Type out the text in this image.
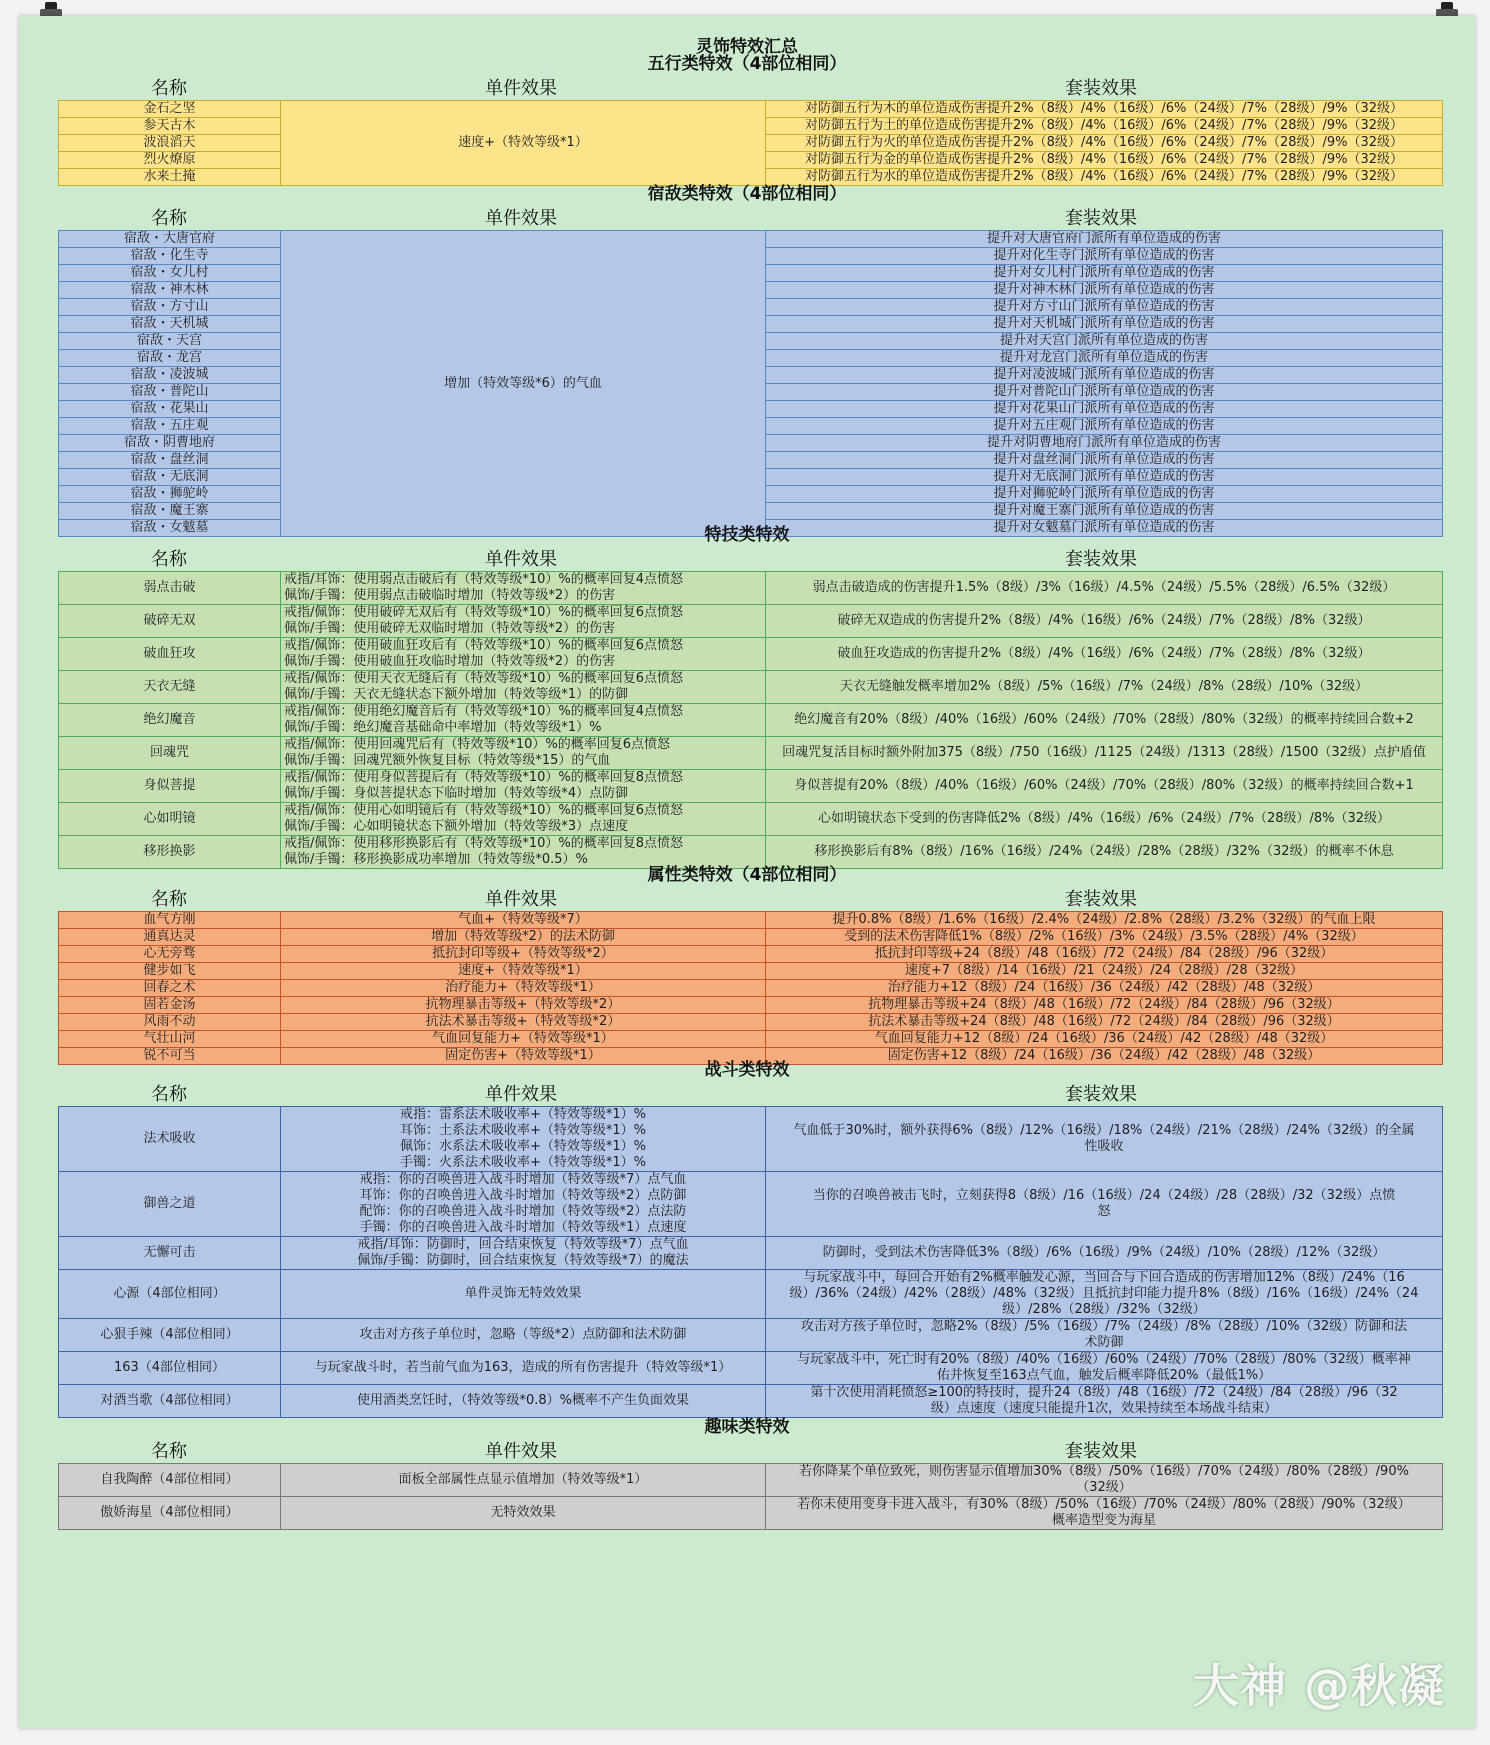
灵饰特效汇总
五行类特效（4部位相同）
名称	单件效果	套装效果
金石之坚	速度+（特效等级*1）	对防御五行为木的单位造成伤害提升2%（8级）/4%（16级）/6%（24级）/7%（28级）/9%（32级）
参天古木		对防御五行为土的单位造成伤害提升2%（8级）/4%（16级）/6%（24级）/7%（28级）/9%（32级）
波浪滔天		对防御五行为火的单位造成伤害提升2%（8级）/4%（16级）/6%（24级）/7%（28级）/9%（32级）
烈火燎原		对防御五行为金的单位造成伤害提升2%（8级）/4%（16级）/6%（24级）/7%（28级）/9%（32级）
水来土掩		对防御五行为水的单位造成伤害提升2%（8级）/4%（16级）/6%（24级）/7%（28级）/9%（32级）
宿敌类特效（4部位相同）
名称	单件效果	套装效果
宿敌・大唐官府	增加（特效等级*6）的气血	提升对大唐官府门派所有单位造成的伤害
宿敌・化生寺		提升对化生寺门派所有单位造成的伤害
宿敌・女儿村		提升对女儿村门派所有单位造成的伤害
宿敌・神木林		提升对神木林门派所有单位造成的伤害
宿敌・方寸山		提升对方寸山门派所有单位造成的伤害
宿敌・天机城		提升对天机城门派所有单位造成的伤害
宿敌・天宫		提升对天宫门派所有单位造成的伤害
宿敌・龙宫		提升对龙宫门派所有单位造成的伤害
宿敌・凌波城		提升对凌波城门派所有单位造成的伤害
宿敌・普陀山		提升对普陀山门派所有单位造成的伤害
宿敌・花果山		提升对花果山门派所有单位造成的伤害
宿敌・五庄观		提升对五庄观门派所有单位造成的伤害
宿敌・阴曹地府		提升对阴曹地府门派所有单位造成的伤害
宿敌・盘丝洞		提升对盘丝洞门派所有单位造成的伤害
宿敌・无底洞		提升对无底洞门派所有单位造成的伤害
宿敌・狮驼岭		提升对狮驼岭门派所有单位造成的伤害
宿敌・魔王寨		提升对魔王寨门派所有单位造成的伤害
宿敌・女魃墓		提升对女魃墓门派所有单位造成的伤害
特技类特效
名称	单件效果	套装效果
弱点击破	戒指/耳饰：使用弱点击破后有（特效等级*10）%的概率回复4点愤怒
佩饰/手镯：使用弱点击破临时增加（特效等级*2）的伤害	弱点击破造成的伤害提升1.5%（8级）/3%（16级）/4.5%（24级）/5.5%（28级）/6.5%（32级）
破碎无双	戒指/佩饰：使用破碎无双后有（特效等级*10）%的概率回复6点愤怒
佩饰/手镯：使用破碎无双临时增加（特效等级*2）的伤害	破碎无双造成的伤害提升2%（8级）/4%（16级）/6%（24级）/7%（28级）/8%（32级）
破血狂攻	戒指/佩饰：使用破血狂攻后有（特效等级*10）%的概率回复6点愤怒
佩饰/手镯：使用破血狂攻临时增加（特效等级*2）的伤害	破血狂攻造成的伤害提升2%（8级）/4%（16级）/6%（24级）/7%（28级）/8%（32级）
天衣无缝	戒指/佩饰：使用天衣无缝后有（特效等级*10）%的概率回复6点愤怒
佩饰/手镯：天衣无缝状态下额外增加（特效等级*1）的防御	天衣无缝触发概率增加2%（8级）/5%（16级）/7%（24级）/8%（28级）/10%（32级）
绝幻魔音	戒指/佩饰：使用绝幻魔音后有（特效等级*10）%的概率回复4点愤怒
佩饰/手镯：绝幻魔音基础命中率增加（特效等级*1）%	绝幻魔音有20%（8级）/40%（16级）/60%（24级）/70%（28级）/80%（32级）的概率持续回合数+2
回魂咒	戒指/佩饰：使用回魂咒后有（特效等级*10）%的概率回复6点愤怒
佩饰/手镯：回魂咒额外恢复目标（特效等级*15）的气血	回魂咒复活目标时额外附加375（8级）/750（16级）/1125（24级）/1313（28级）/1500（32级）点护盾值
身似菩提	戒指/佩饰：使用身似菩提后有（特效等级*10）%的概率回复8点愤怒
佩饰/手镯：身似菩提状态下临时增加（特效等级*4）点防御	身似菩提有20%（8级）/40%（16级）/60%（24级）/70%（28级）/80%（32级）的概率持续回合数+1
心如明镜	戒指/佩饰：使用心如明镜后有（特效等级*10）%的概率回复6点愤怒
佩饰/手镯：心如明镜状态下额外增加（特效等级*3）点速度	心如明镜状态下受到的伤害降低2%（8级）/4%（16级）/6%（24级）/7%（28级）/8%（32级）
移形换影	戒指/佩饰：使用移形换影后有（特效等级*10）%的概率回复8点愤怒
佩饰/手镯：移形换影成功率增加（特效等级*0.5）%	移形换影后有8%（8级）/16%（16级）/24%（24级）/28%（28级）/32%（32级）的概率不休息
属性类特效（4部位相同）
名称	单件效果	套装效果
血气方刚	气血+（特效等级*7）	提升0.8%（8级）/1.6%（16级）/2.4%（24级）/2.8%（28级）/3.2%（32级）的气血上限
通真达灵	增加（特效等级*2）的法术防御	受到的法术伤害降低1%（8级）/2%（16级）/3%（24级）/3.5%（28级）/4%（32级）
心无旁骛	抵抗封印等级+（特效等级*2）	抵抗封印等级+24（8级）/48（16级）/72（24级）/84（28级）/96（32级）
健步如飞	速度+（特效等级*1）	速度+7（8级）/14（16级）/21（24级）/24（28级）/28（32级）
回春之术	治疗能力+（特效等级*1）	治疗能力+12（8级）/24（16级）/36（24级）/42（28级）/48（32级）
固若金汤	抗物理暴击等级+（特效等级*2）	抗物理暴击等级+24（8级）/48（16级）/72（24级）/84（28级）/96（32级）
风雨不动	抗法术暴击等级+（特效等级*2）	抗法术暴击等级+24（8级）/48（16级）/72（24级）/84（28级）/96（32级）
气壮山河	气血回复能力+（特效等级*1）	气血回复能力+12（8级）/24（16级）/36（24级）/42（28级）/48（32级）
锐不可当	固定伤害+（特效等级*1）	固定伤害+12（8级）/24（16级）/36（24级）/42（28级）/48（32级）
战斗类特效
名称	单件效果	套装效果
法术吸收	戒指：雷系法术吸收率+（特效等级*1）%
耳饰：土系法术吸收率+（特效等级*1）%
佩饰：水系法术吸收率+（特效等级*1）%
手镯：火系法术吸收率+（特效等级*1）%	气血低于30%时，额外获得6%（8级）/12%（16级）/18%（24级）/21%（28级）/24%（32级）的全属
性吸收

御兽之道	戒指：你的召唤兽进入战斗时增加（特效等级*7）点气血
耳饰：你的召唤兽进入战斗时增加（特效等级*2）点防御
配饰：你的召唤兽进入战斗时增加（特效等级*2）点法防
手镯：你的召唤兽进入战斗时增加（特效等级*1）点速度	当你的召唤兽被击飞时，立刻获得8（8级）/16（16级）/24（24级）/28（28级）/32（32级）点愤
怒

无懈可击	戒指/耳饰：防御时，回合结束恢复（特效等级*7）点气血
佩饰/手镯：防御时，回合结束恢复（特效等级*7）的魔法	防御时，受到法术伤害降低3%（8级）/6%（16级）/9%（24级）/10%（28级）/12%（32级）

心源（4部位相同）	单件灵饰无特效效果	与玩家战斗中，每回合开始有2%概率触发心源，当回合与下回合造成的伤害增加12%（8级）/24%（16
级）/36%（24级）/42%（28级）/48%（32级）且抵抗封印能力提升8%（8级）/16%（16级）/24%（24
级）/28%（28级）/32%（32级）

心狠手辣（4部位相同）	攻击对方孩子单位时，忽略（等级*2）点防御和法术防御	攻击对方孩子单位时，忽略2%（8级）/5%（16级）/7%（24级）/8%（28级）/10%（32级）防御和法
术防御

163（4部位相同）	与玩家战斗时，若当前气血为163，造成的所有伤害提升（特效等级*1）	与玩家战斗中，死亡时有20%（8级）/40%（16级）/60%（24级）/70%（28级）/80%（32级）概率神
佑并恢复至163点气血，触发后概率降低20%（最低1%）

对酒当歌（4部位相同）	使用酒类烹饪时，（特效等级*0.8）%概率不产生负面效果	第十次使用消耗愤怒≥100的特技时，提升24（8级）/48（16级）/72（24级）/84（28级）/96（32
级）点速度（速度只能提升1次，效果持续至本场战斗结束）
趣味类特效
名称	单件效果	套装效果
自我陶醉（4部位相同）	面板全部属性点显示值增加（特效等级*1）	若你降某个单位致死，则伤害显示值增加30%（8级）/50%（16级）/70%（24级）/80%（28级）/90%
（32级）

傲娇海星（4部位相同）	无特效效果	若你未使用变身卡进入战斗，有30%（8级）/50%（16级）/70%（24级）/80%（28级）/90%（32级）
概率造型变为海星
大神 @秋凝
